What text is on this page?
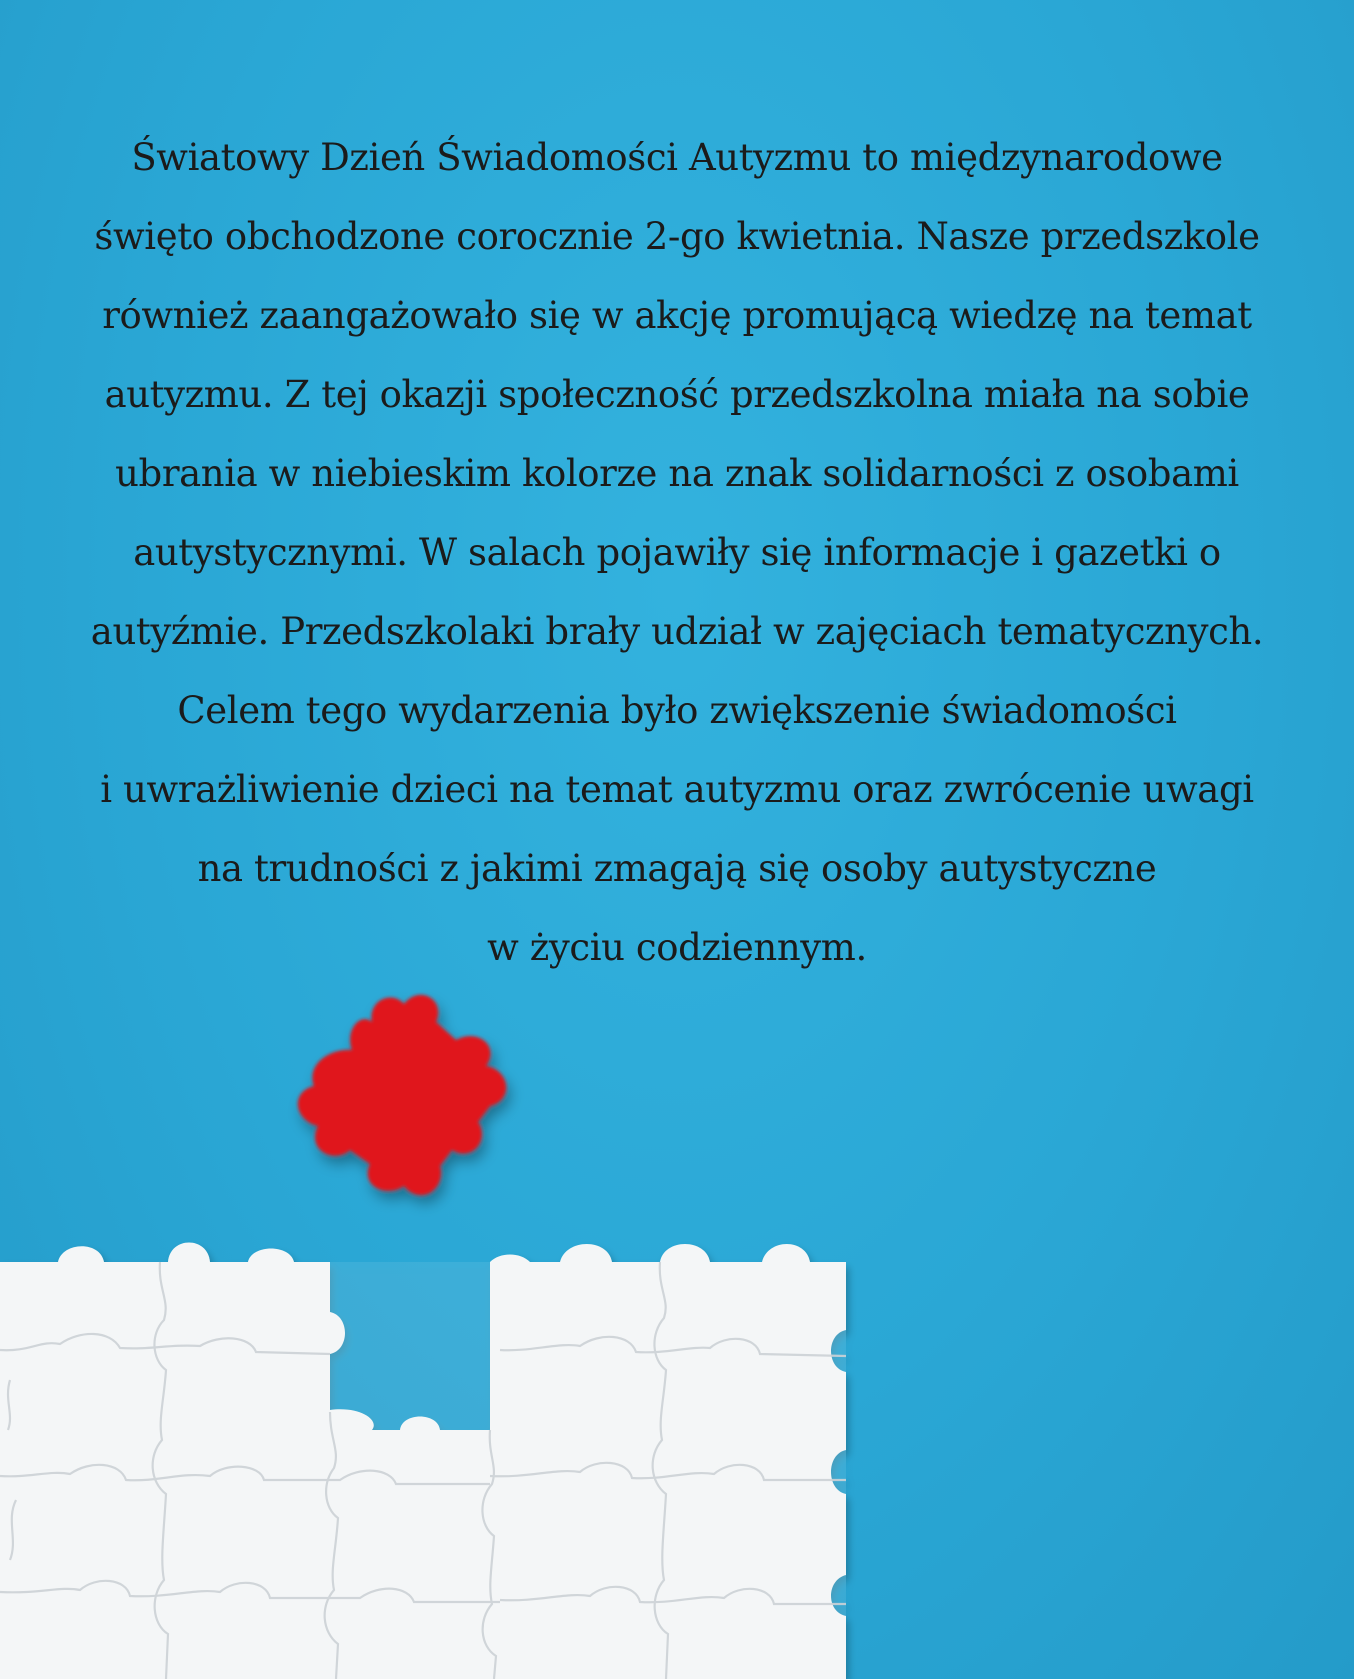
Światowy Dzień Świadomości Autyzmu to międzynarodowe
święto obchodzone corocznie 2-go kwietnia. Nasze przedszkole
również zaangażowało się w akcję promującą wiedzę na temat
autyzmu. Z tej okazji społeczność przedszkolna miała na sobie
ubrania w niebieskim kolorze na znak solidarności z osobami
autystycznymi. W salach pojawiły się informacje i gazetki o
autyźmie. Przedszkolaki brały udział w zajęciach tematycznych.
Celem tego wydarzenia było zwiększenie świadomości
i uwrażliwienie dzieci na temat autyzmu oraz zwrócenie uwagi
na trudności z jakimi zmagają się osoby autystyczne
w życiu codziennym.
